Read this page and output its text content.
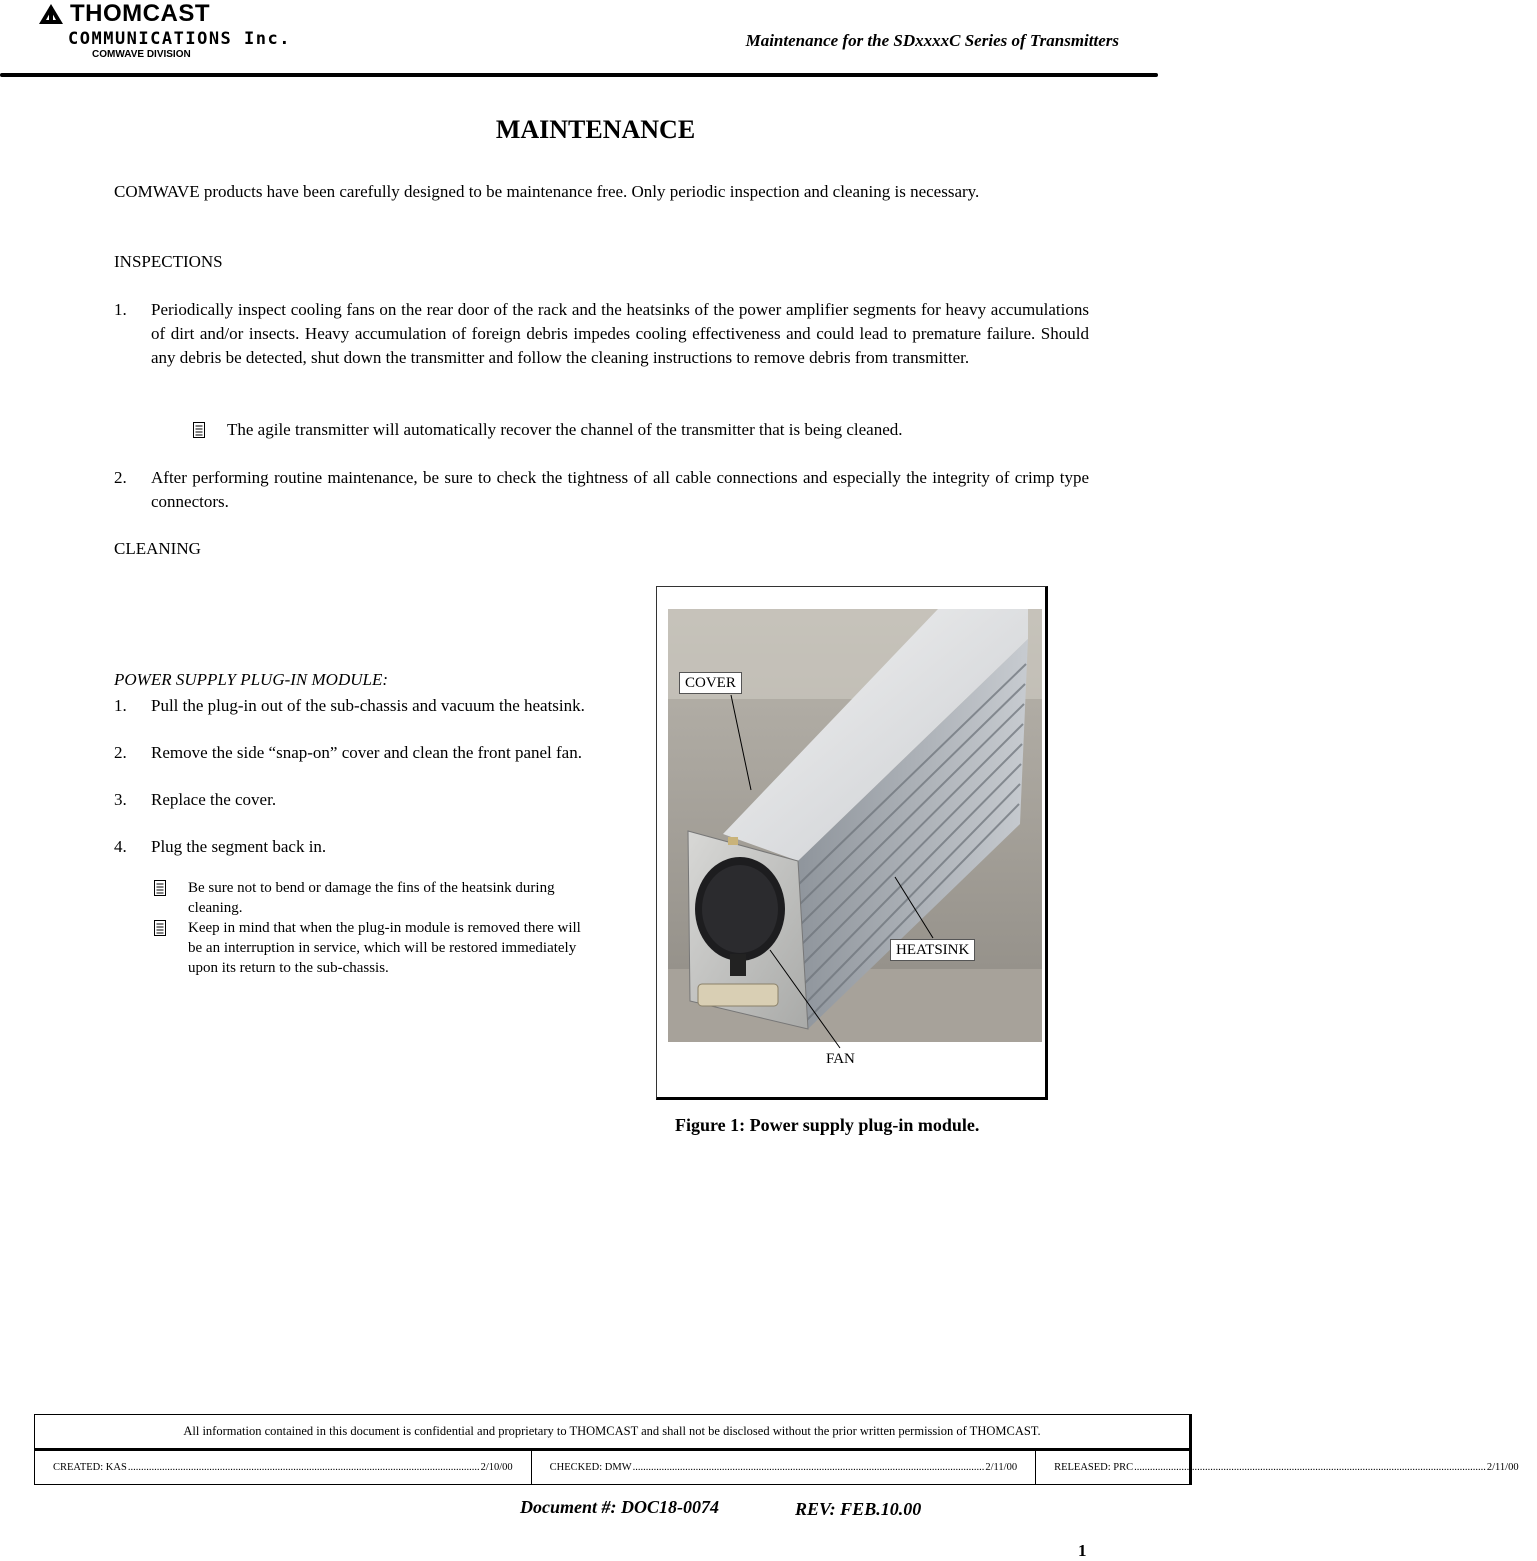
THOMCAST
COMMUNICATIONS Inc.
COMWAVE DIVISION
Maintenance for the SDxxxxC Series of Transmitters
MAINTENANCE
COMWAVE products have been carefully designed to be maintenance free. Only periodic inspection and cleaning is necessary.
INSPECTIONS
1. Periodically inspect cooling fans on the rear door of the rack and the heatsinks of the power amplifier segments for heavy accumulations of dirt and/or insects. Heavy accumulation of foreign debris impedes cooling effectiveness and could lead to premature failure. Should any debris be detected, shut down the transmitter and follow the cleaning instructions to remove debris from transmitter.
The agile transmitter will automatically recover the channel of the transmitter that is being cleaned.
2. After performing routine maintenance, be sure to check the tightness of all cable connections and especially the integrity of crimp type connectors.
CLEANING
POWER SUPPLY PLUG-IN MODULE:
1. Pull the plug-in out of the sub-chassis and vacuum the heatsink.
2. Remove the side “snap-on” cover and clean the front panel fan.
3. Replace the cover.
4. Plug the segment back in.
Be sure not to bend or damage the fins of the heatsink during cleaning.
Keep in mind that when the plug-in module is removed there will be an interruption in service, which will be restored immediately upon its return to the sub-chassis.
COVER
HEATSINK
FAN
Figure 1: Power supply plug-in module.
All information contained in this document is confidential and proprietary to THOMCAST and shall not be disclosed without the prior written permission of THOMCAST.
CREATED: KAS .....	2/10/00	CHECKED: DMW .....	2/11/00	RELEASED: PRC .....	2/11/00
Document #: DOC18-0074	REV: FEB.10.00
1
